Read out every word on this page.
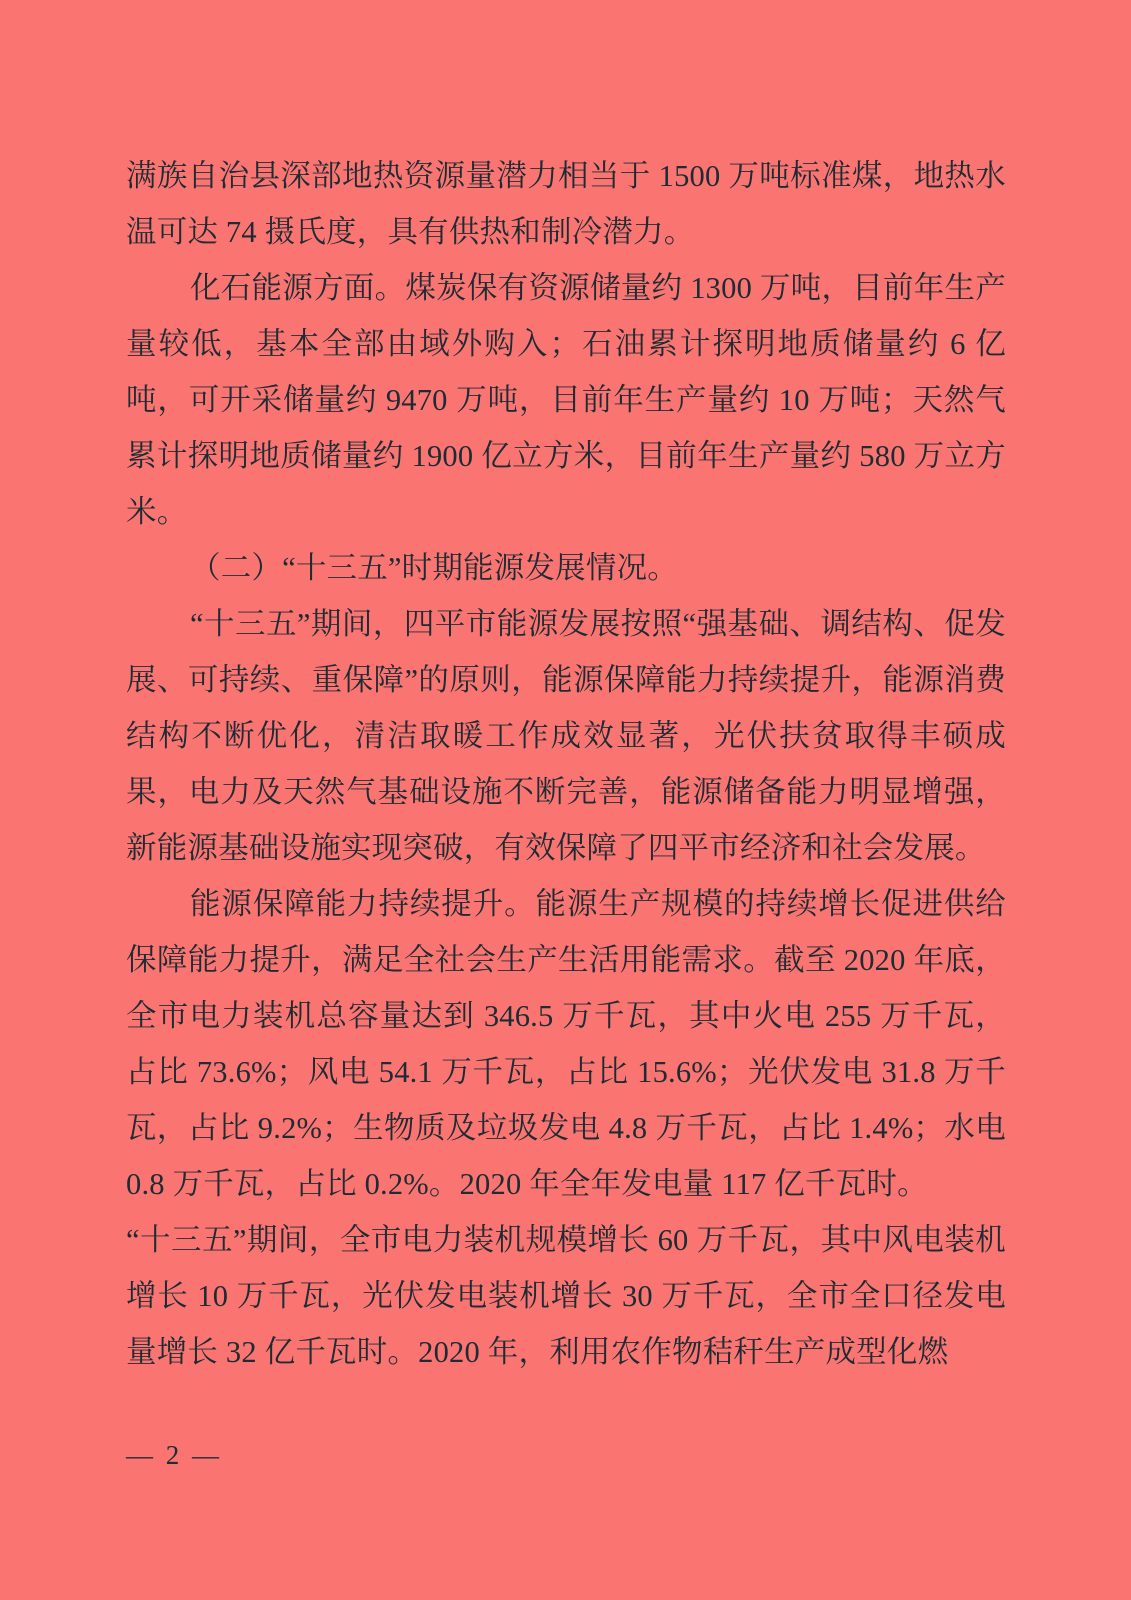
满族自治县深部地热资源量潜力相当于 1500 万吨标准煤，地热水温可达 74 摄氏度，具有供热和制冷潜力。

化石能源方面。煤炭保有资源储量约 1300 万吨，目前年生产量较低，基本全部由域外购入；石油累计探明地质储量约 6 亿吨，可开采储量约 9470 万吨，目前年生产量约 10 万吨；天然气累计探明地质储量约 1900 亿立方米，目前年生产量约 580 万立方米。

（二）“十三五”时期能源发展情况。

“十三五”期间，四平市能源发展按照“强基础、调结构、促发展、可持续、重保障”的原则，能源保障能力持续提升，能源消费结构不断优化，清洁取暖工作成效显著，光伏扶贫取得丰硕成果，电力及天然气基础设施不断完善，能源储备能力明显增强，新能源基础设施实现突破，有效保障了四平市经济和社会发展。

能源保障能力持续提升。能源生产规模的持续增长促进供给保障能力提升，满足全社会生产生活用能需求。截至 2020 年底，全市电力装机总容量达到 346.5 万千瓦，其中火电 255 万千瓦，占比 73.6%；风电 54.1 万千瓦，占比 15.6%；光伏发电 31.8 万千瓦，占比 9.2%；生物质及垃圾发电 4.8 万千瓦，占比 1.4%；水电 0.8 万千瓦，占比 0.2%。2020 年全年发电量 117 亿千瓦时。

“十三五”期间，全市电力装机规模增长 60 万千瓦，其中风电装机增长 10 万千瓦，光伏发电装机增长 30 万千瓦，全市全口径发电量增长 32 亿千瓦时。2020 年，利用农作物秸秆生产成型化燃

— 2 —
